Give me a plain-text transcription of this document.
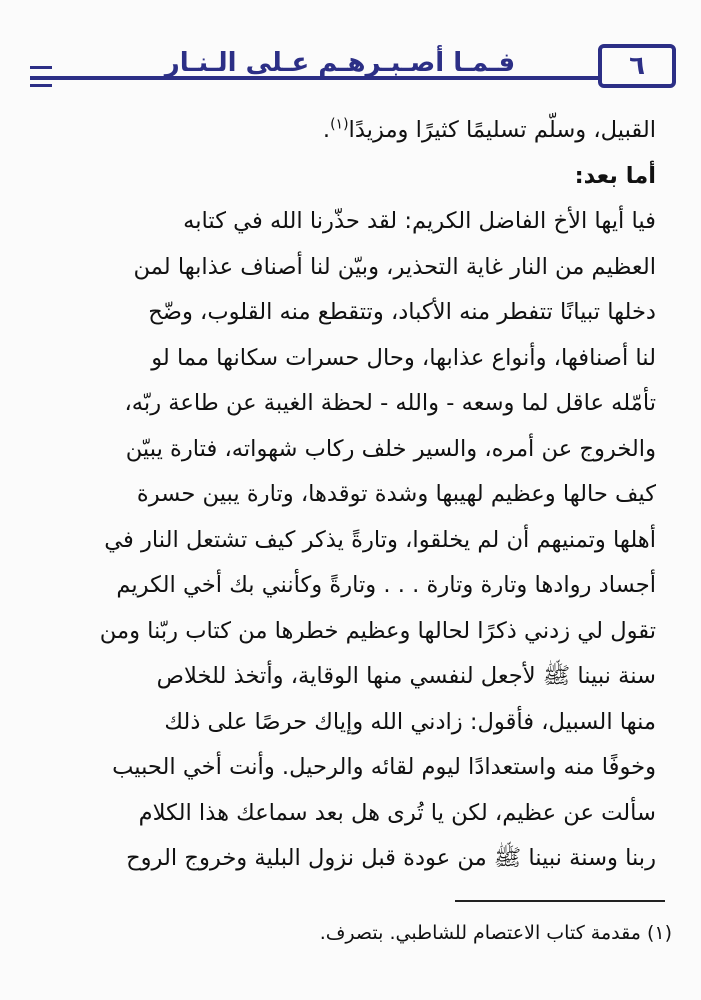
فـمـا أصـبـرهـم عـلى الـنـار	٦
القبيل، وسلّم تسليمًا كثيرًا ومزيدًا$^{(١)}$.
أما بعد:
فيا أيها الأخ الفاضل الكريم: لقد حذّرنا الله في كتابه
العظيم من النار غاية التحذير، وبيّن لنا أصناف عذابها لمن
دخلها تبيانًا تتفطر منه الأكباد، وتتقطع منه القلوب، وضّح
لنا أصنافها، وأنواع عذابها، وحال حسرات سكانها مما لو
تأمّله عاقل لما وسعه - والله - لحظة الغيبة عن طاعة ربّه،
والخروج عن أمره، والسير خلف ركاب شهواته، فتارة يبيّن
كيف حالها وعظيم لهيبها وشدة توقدها، وتارة يبين حسرة
أهلها وتمنيهم أن لم يخلقوا، وتارةً يذكر كيف تشتعل النار في
أجساد روادها وتارة وتارة . . . وتارةً وكأنني بك أخي الكريم
تقول لي زدني ذكرًا لحالها وعظيم خطرها من كتاب ربّنا ومن
سنة نبينا ﷺ لأجعل لنفسي منها الوقاية، وأتخذ للخلاص
منها السبيل، فأقول: زادني الله وإياك حرصًا على ذلك
وخوفًا منه واستعدادًا ليوم لقائه والرحيل. وأنت أخي الحبيب
سألت عن عظيم، لكن يا تُرى هل بعد سماعك هذا الكلام
ربنا وسنة نبينا ﷺ من عودة قبل نزول البلية وخروج الروح
(١) مقدمة كتاب الاعتصام للشاطبي. بتصرف.
